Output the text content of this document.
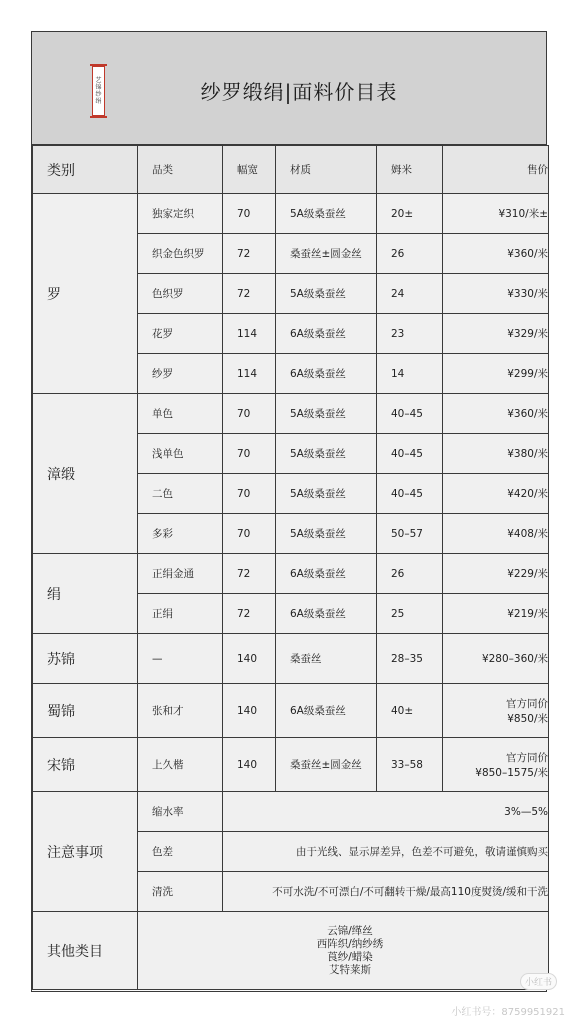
艺
锦
纱
绢	纱罗缎绢|面料价目表
类别	品类	幅宽	材质	姆米	售价
罗	独家定织	70	5A级桑蚕丝	20±	¥310/米±
	织金色织罗	72	桑蚕丝±圆金丝	26	¥360/米
	色织罗	72	5A级桑蚕丝	24	¥330/米
	花罗	114	6A级桑蚕丝	23	¥329/米
	纱罗	114	6A级桑蚕丝	14	¥299/米
漳缎	单色	70	5A级桑蚕丝	40–45	¥360/米
	浅单色	70	5A级桑蚕丝	40–45	¥380/米
	二色	70	5A级桑蚕丝	40–45	¥420/米
	多彩	70	5A级桑蚕丝	50–57	¥408/米
绢	正绢金通	72	6A级桑蚕丝	26	¥229/米
	正绢	72	6A级桑蚕丝	25	¥219/米
苏锦	—	140	桑蚕丝	28–35	¥280–360/米
蜀锦	张和才	140	6A级桑蚕丝	40±	官方同价
¥850/米

宋锦	上久楷	140	桑蚕丝±圆金丝	33–58	官方同价
¥850–1575/米

注意事项	缩水率	3%—5%			
	色差	由于光线、显示屏差异，色差不可避免，敬请谨慎购买			
	清洗	不可水洗/不可漂白/不可翻转干燥/最高110度熨烫/缓和干洗			
其他类目	云锦/缂丝
西阵织/纳纱绣
莨纱/蜡染
艾特莱斯				
小红书
小红书号：8759951921
